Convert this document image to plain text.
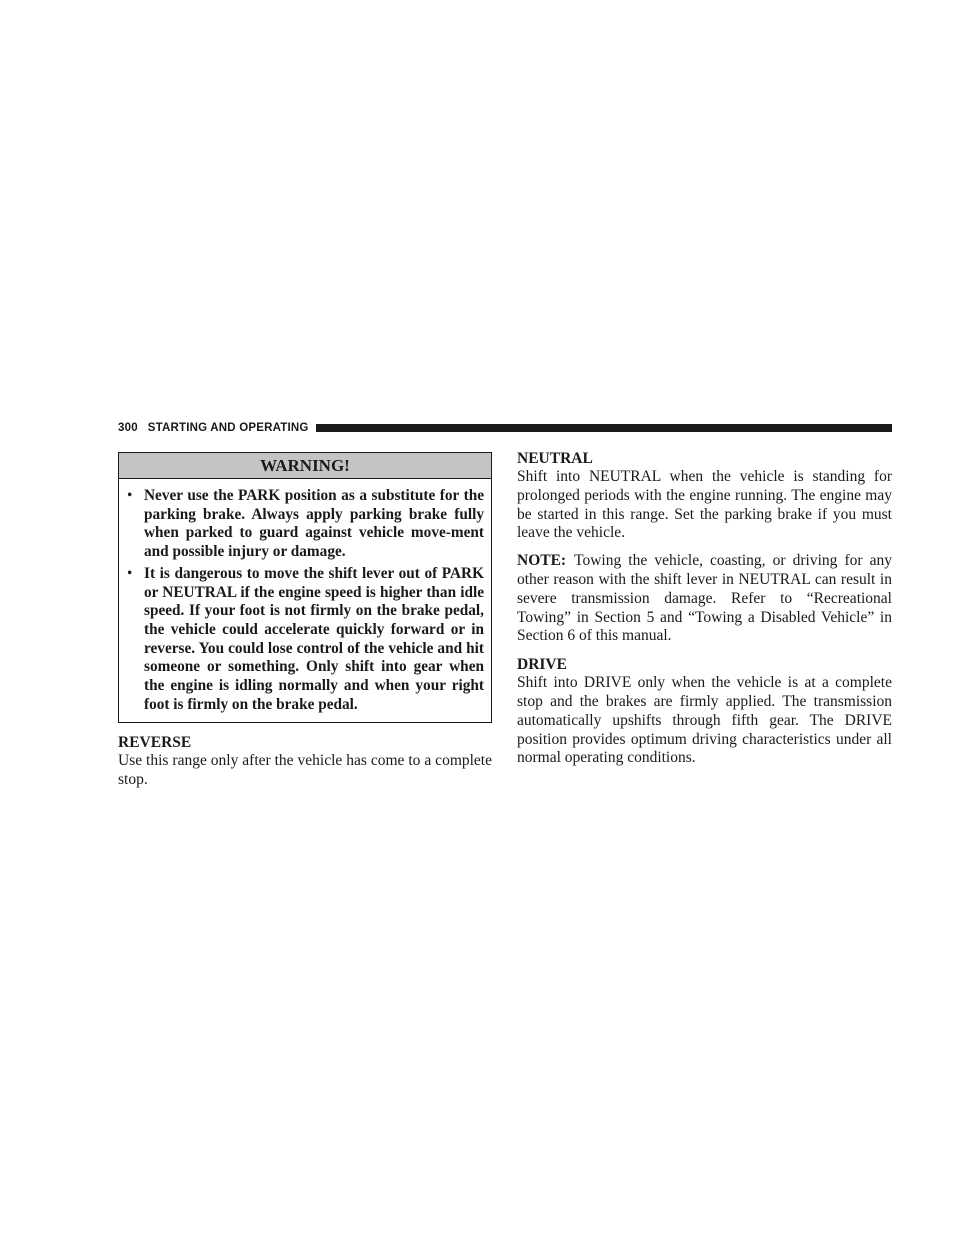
300 STARTING AND OPERATING
WARNING!
• Never use the PARK position as a substitute for the parking brake. Always apply parking brake fully when parked to guard against vehicle move-ment and possible injury or damage.
• It is dangerous to move the shift lever out of PARK or NEUTRAL if the engine speed is higher than idle speed. If your foot is not firmly on the brake pedal, the vehicle could accelerate quickly forward or in reverse. You could lose control of the vehicle and hit someone or something. Only shift into gear when the engine is idling normally and when your right foot is firmly on the brake pedal.
REVERSE

Use this range only after the vehicle has come to a complete stop.

NEUTRAL

Shift into NEUTRAL when the vehicle is standing for prolonged periods with the engine running. The engine may be started in this range. Set the parking brake if you must leave the vehicle.

NOTE: Towing the vehicle, coasting, or driving for any other reason with the shift lever in NEUTRAL can result in severe transmission damage. Refer to “Recreational Towing” in Section 5 and “Towing a Disabled Vehicle” in Section 6 of this manual.

DRIVE

Shift into DRIVE only when the vehicle is at a complete stop and the brakes are firmly applied. The transmission automatically upshifts through fifth gear. The DRIVE position provides optimum driving characteristics under all normal operating conditions.
